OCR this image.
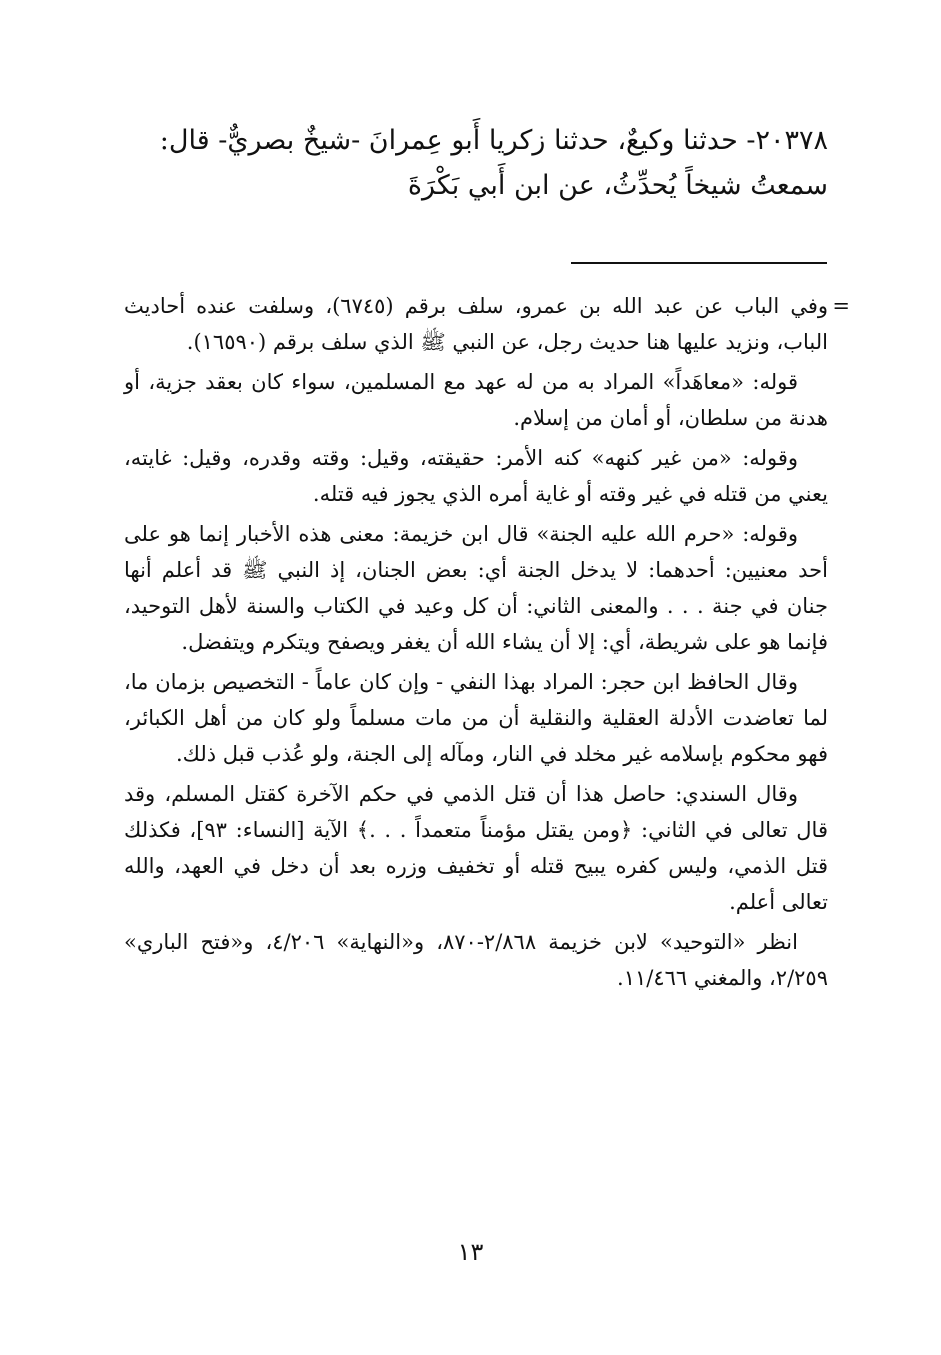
٢٠٣٧٨- حدثنا وكيعٌ، حدثنا زكريا أَبو عِمرانَ -شيخٌ بصريٌّ- قال:

سمعتُ شيخاً يُحدِّثُ، عن ابن أَبي بَكْرَةَ

=
وفي الباب عن عبد الله بن عمرو، سلف برقم (٦٧٤٥)، وسلفت عنده أحاديث الباب، ونزيد عليها هنا حديث رجل، عن النبي ﷺ الذي سلف برقم (١٦٥٩٠).

قوله: «معاهَداً» المراد به من له عهد مع المسلمين، سواء كان بعقد جزية، أو هدنة من سلطان، أو أمان من إسلام.

وقوله: «من غير كنهه» كنه الأمر: حقيقته، وقيل: وقته وقدره، وقيل: غايته، يعني من قتله في غير وقته أو غاية أمره الذي يجوز فيه قتله.

وقوله: «حرم الله عليه الجنة» قال ابن خزيمة: معنى هذه الأخبار إنما هو على أحد معنيين: أحدهما: لا يدخل الجنة أي: بعض الجنان، إذ النبي ﷺ قد أعلم أنها جنان في جنة . . . والمعنى الثاني: أن كل وعيد في الكتاب والسنة لأهل التوحيد، فإنما هو على شريطة، أي: إلا أن يشاء الله أن يغفر ويصفح ويتكرم ويتفضل.

وقال الحافظ ابن حجر: المراد بهذا النفي - وإن كان عاماً - التخصيص بزمان ما، لما تعاضدت الأدلة العقلية والنقلية أن من مات مسلماً ولو كان من أهل الكبائر، فهو محكوم بإسلامه غير مخلد في النار، ومآله إلى الجنة، ولو عُذب قبل ذلك.

وقال السندي: حاصل هذا أن قتل الذمي في حكم الآخرة كقتل المسلم، وقد قال تعالى في الثاني: ﴿ومن يقتل مؤمناً متعمداً . . .﴾ الآية [النساء: ٩٣]، فكذلك قتل الذمي، وليس كفره يبيح قتله أو تخفيف وزره بعد أن دخل في العهد، والله تعالى أعلم.

انظر «التوحيد» لابن خزيمة ٢/٨٦٨-٨٧٠، و«النهاية» ٤/٢٠٦، و«فتح الباري» ٢/٢٥٩، والمغني ١١/٤٦٦.

١٣
